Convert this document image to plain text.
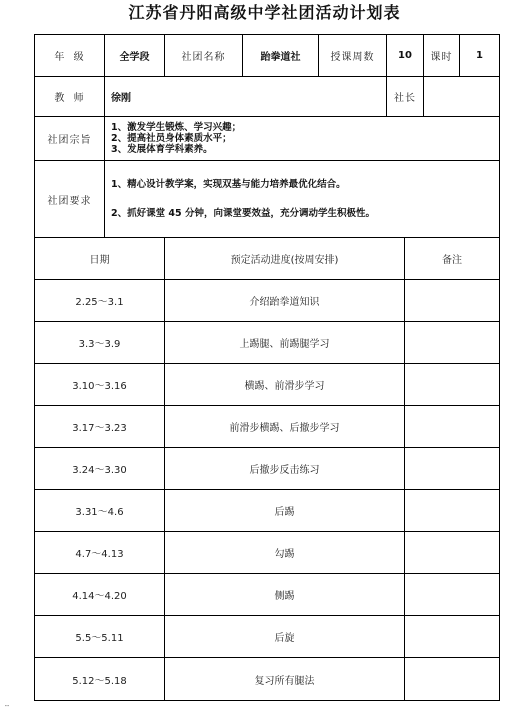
江苏省丹阳高级中学社团活动计划表
年  级	全学段	社团名称	跆拳道社	授课周数	10	课时	1
教  师	徐刚	社长
社团宗旨
1、激发学生锻炼、学习兴趣；
2、提高社员身体素质水平；
3、发展体育学科素养。
社团要求
1、精心设计教学案，实现双基与能力培养最优化结合。
2、抓好课堂 45 分钟，向课堂要效益，充分调动学生积极性。
日期	预定活动进度(按周安排)	备注
2.25～3.1	介绍跆拳道知识
3.3～3.9	上踢腿、前踢腿学习
3.10～3.16	横踢、前滑步学习
3.17～3.23	前滑步横踢、后撤步学习
3.24～3.30	后撤步反击练习
3.31～4.6	后踢
4.7～4.13	勾踢
4.14～4.20	侧踢
5.5～5.11	后旋
5.12～5.18	复习所有腿法
⠒
